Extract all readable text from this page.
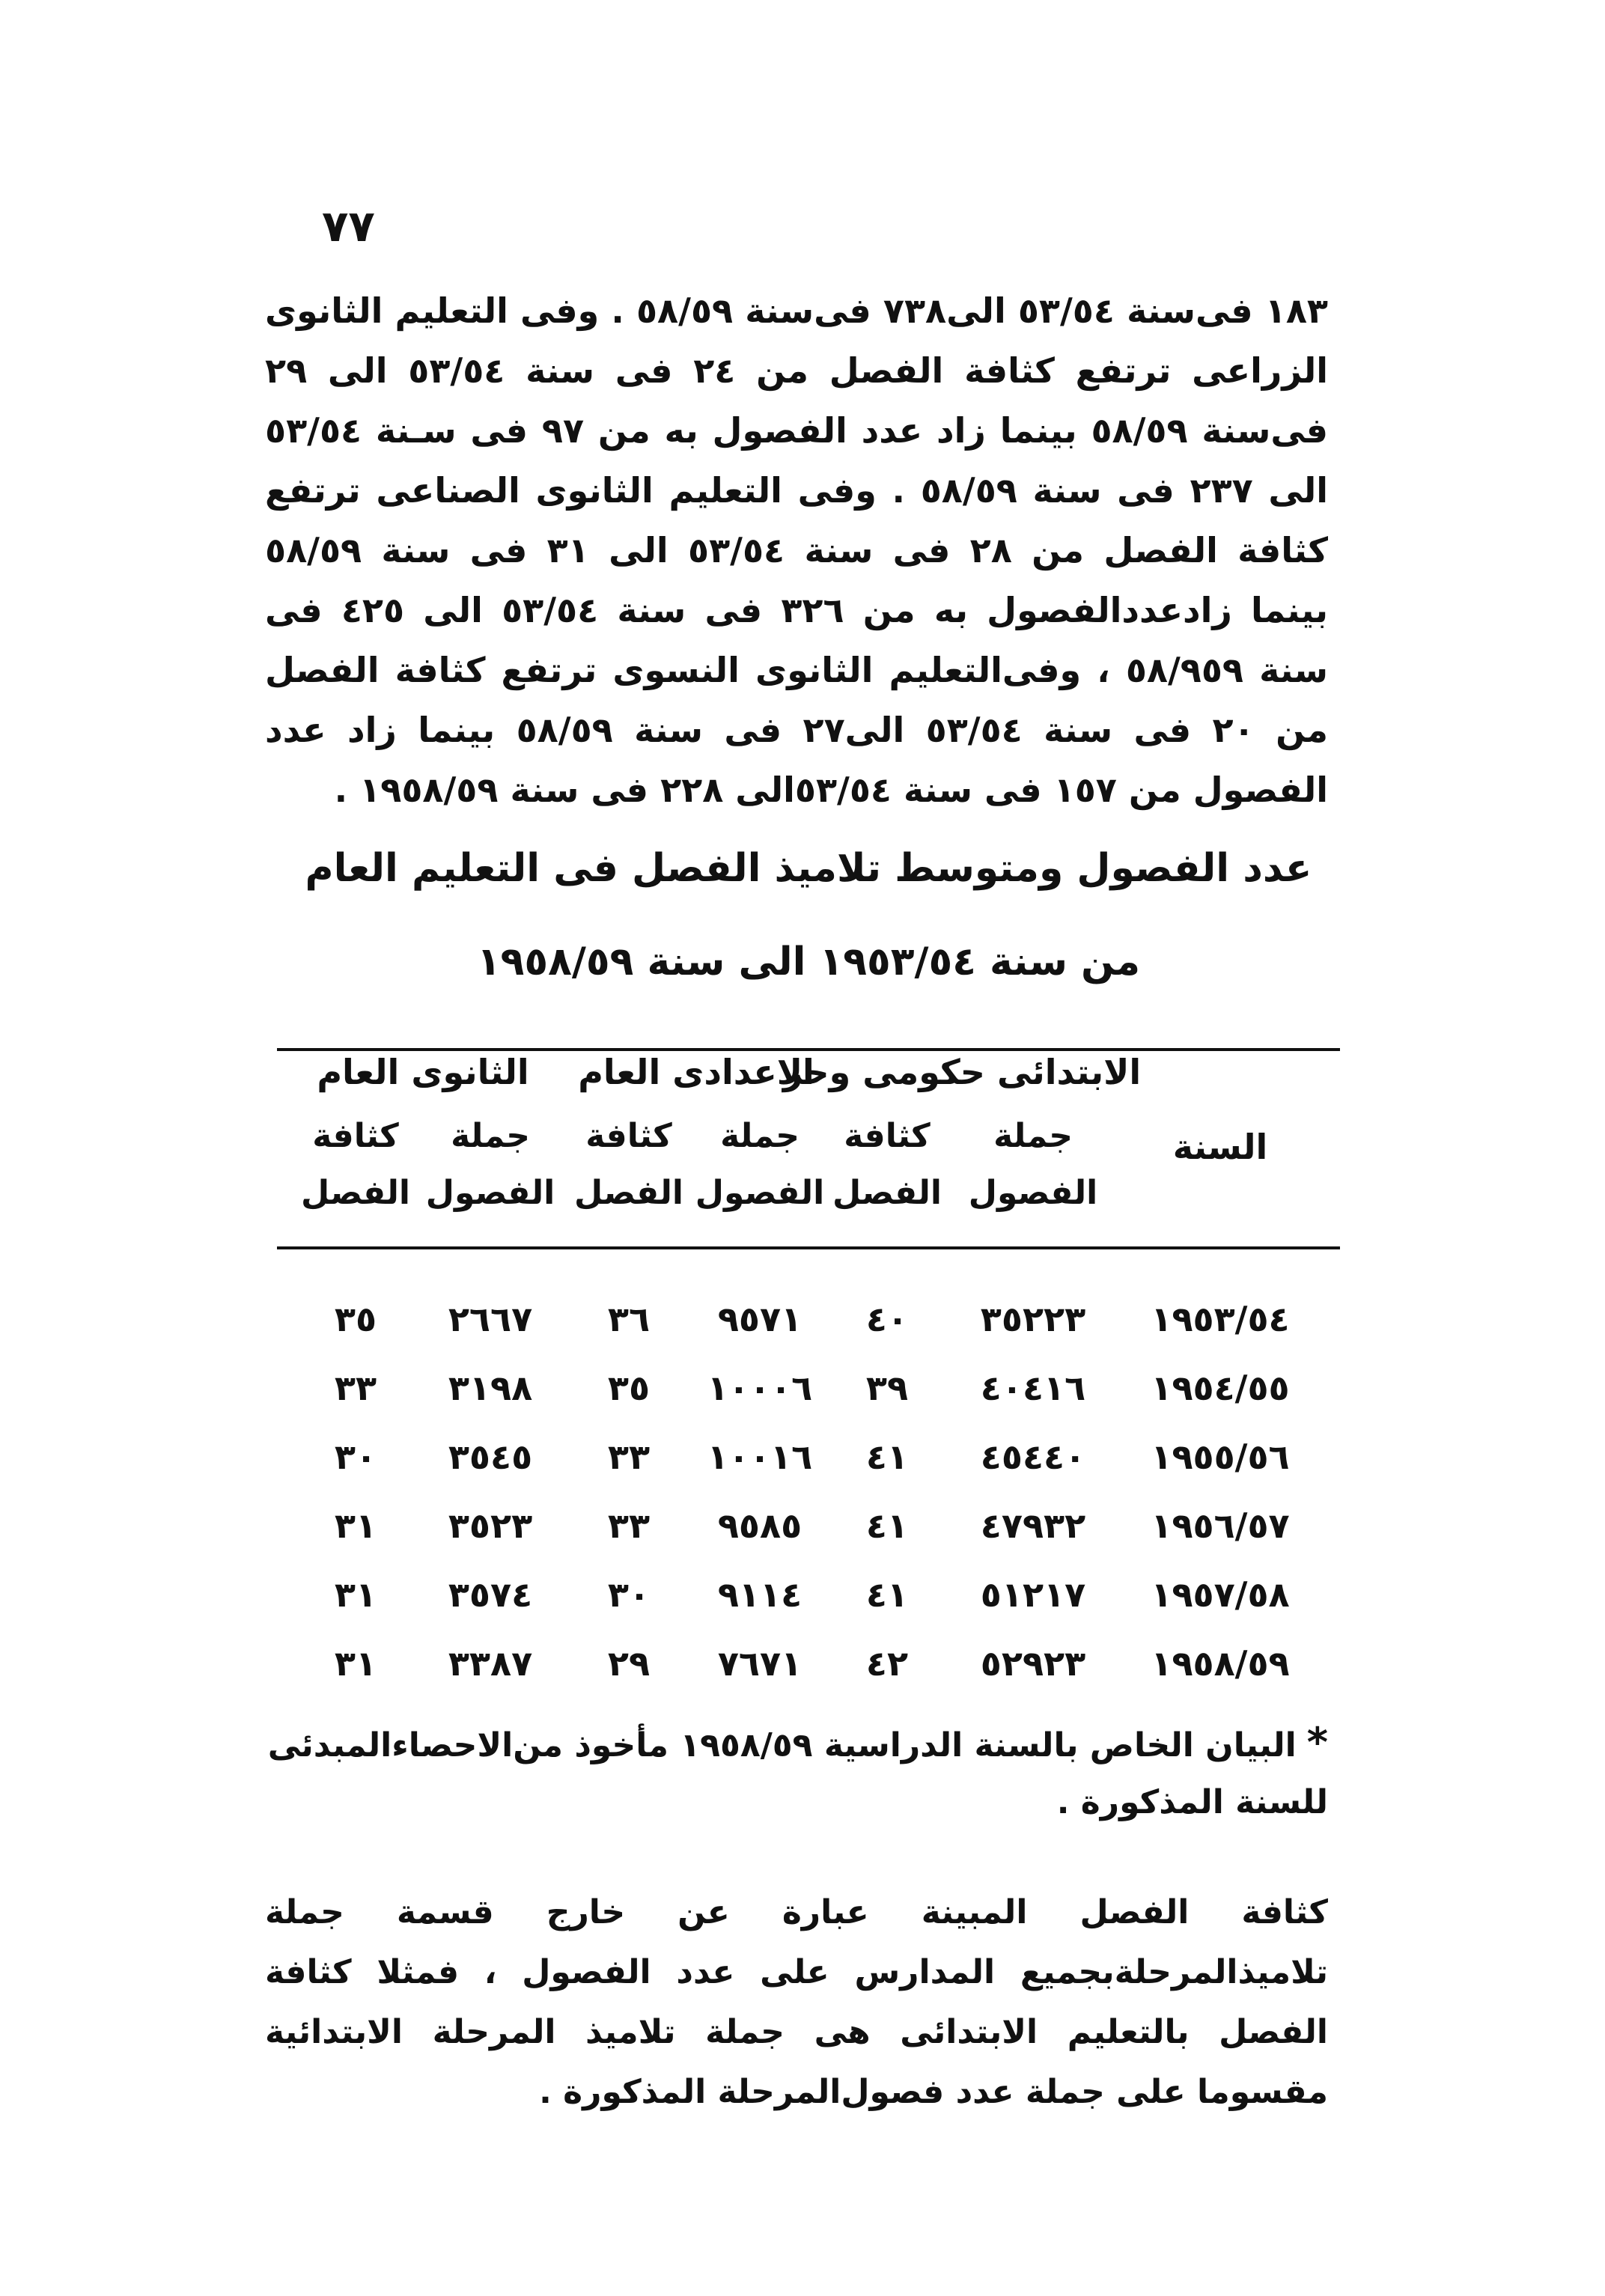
٧٧
١٨٣ فى‌سنة ٥٣/٥٤ الى٧٣٨ فى‌سنة ٥٨/٥٩ . وفى التعليم الثانوى الزراعى ترتفع كثافة الفصل من ٢٤ فى سنة ٥٣/٥٤ الى ٢٩ فى‌سنة ٥٨/٥٩ بينما زاد عدد الفصول به من ٩٧ فى سـنة ٥٣/٥٤ الى ٢٣٧ فى سنة ٥٨/٥٩ . وفى التعليم الثانوى الصناعى ترتفع كثافة الفصل من ٢٨ فى سنة ٥٣/٥٤ الى ٣١ فى سنة ٥٨/٥٩ بينما زادعددالفصول به من ٣٢٦ فى سنة ٥٣/٥٤ الى ٤٢٥ فى سنة ٥٨/٩٥٩ ، وفى‌التعليم الثانوى النسوى ترتفع كثافة الفصل من ٢٠ فى سنة ٥٣/٥٤ الى‌٢٧ فى سنة ٥٨/٥٩ بينما زاد عدد الفصول من ١٥٧ فى سنة ٥٣/٥٤الى ٢٢٨ فى سنة ١٩٥٨/٥٩ .
عدد الفصول ومتوسط تلاميذ الفصل فى التعليم العام
من سنة ١٩٥٣/٥٤ الى سنة ١٩٥٨/٥٩
الابتدائى حكومى وحر
الاعدادى العام
الثانوى العام
السنة
جملة
الفصول
كثافة
الفصل
جملة
الفصول
كثافة
الفصل
جملة
الفصول
كثافة
الفصل
١٩٥٣/٥٤
٣٥٢٢٣
٤٠
٩٥٧١
٣٦
٢٦٦٧
٣٥
١٩٥٤/٥٥
٤٠٤١٦
٣٩
١٠٠٠٦
٣٥
٣١٩٨
٣٣
١٩٥٥/٥٦
٤٥٤٤٠
٤١
١٠٠١٦
٣٣
٣٥٤٥
٣٠
١٩٥٦/٥٧
٤٧٩٣٢
٤١
٩٥٨٥
٣٣
٣٥٢٣
٣١
١٩٥٧/٥٨
٥١٢١٧
٤١
٩١١٤
٣٠
٣٥٧٤
٣١
١٩٥٨/٥٩
٥٢٩٢٣
٤٢
٧٦٧١
٢٩
٣٣٨٧
٣١
*البيان الخاص بالسنة الدراسية ١٩٥٨/٥٩ مأخوذ من‌الاحصاءالمبدئى للسنة المذكورة .
كثافة الفصل المبينة عبارة عن خارج قسمة جملة تلاميذالمرحلةبجميع المدارس على عدد الفصول ، فمثلا كثافة الفصل بالتعليم الابتدائى هى جملة تلاميذ المرحلة الابتدائية مقسوما على جملة عدد فصول‌المرحلة المذكورة .
